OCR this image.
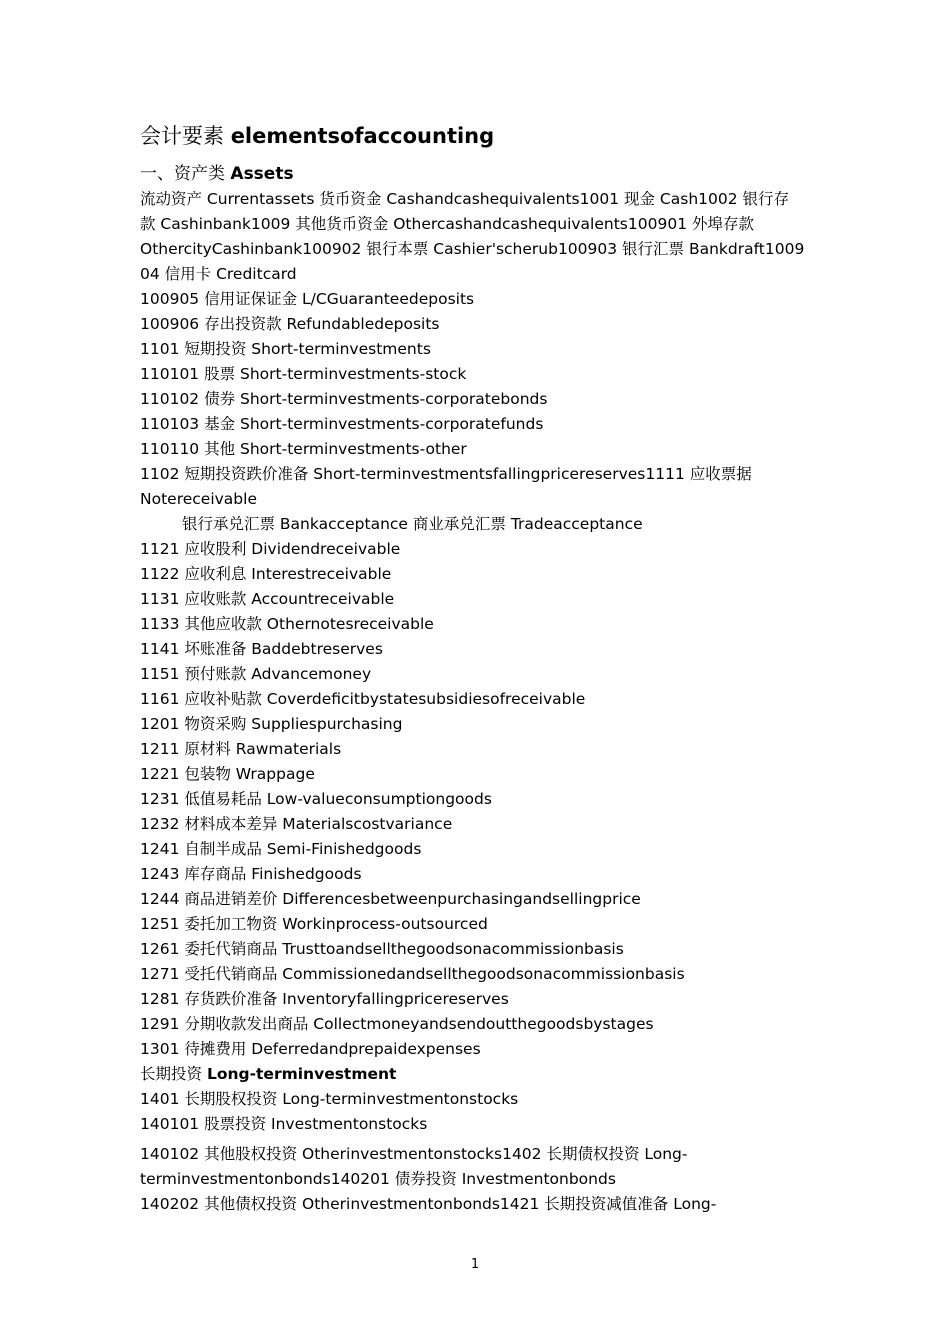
会计要素 elementsofaccounting
一、资产类 Assets
流动资产 Currentassets 货币资金 Cashandcashequivalents1001 现金 Cash1002 银行存
款 Cashinbank1009 其他货币资金 Othercashandcashequivalents100901 外埠存款
OthercityCashinbank100902 银行本票 Cashier'scherub100903 银行汇票 Bankdraft1009
04 信用卡 Creditcard
100905 信用证保证金 L/CGuaranteedeposits
100906 存出投资款 Refundabledeposits
1101 短期投资 Short-terminvestments
110101 股票 Short-terminvestments-stock
110102 债券 Short-terminvestments-corporatebonds
110103 基金 Short-terminvestments-corporatefunds
110110 其他 Short-terminvestments-other
1102 短期投资跌价准备 Short-terminvestmentsfallingpricereserves1111 应收票据
Notereceivable
银行承兑汇票 Bankacceptance 商业承兑汇票 Tradeacceptance
1121 应收股利 Dividendreceivable
1122 应收利息 Interestreceivable
1131 应收账款 Accountreceivable
1133 其他应收款 Othernotesreceivable
1141 坏账准备 Baddebtreserves
1151 预付账款 Advancemoney
1161 应收补贴款 Coverdeficitbystatesubsidiesofreceivable
1201 物资采购 Suppliespurchasing
1211 原材料 Rawmaterials
1221 包装物 Wrappage
1231 低值易耗品 Low-valueconsumptiongoods
1232 材料成本差异 Materialscostvariance
1241 自制半成品 Semi-Finishedgoods
1243 库存商品 Finishedgoods
1244 商品进销差价 Differencesbetweenpurchasingandsellingprice
1251 委托加工物资 Workinprocess-outsourced
1261 委托代销商品 Trusttoandsellthegoodsonacommissionbasis
1271 受托代销商品 Commissionedandsellthegoodsonacommissionbasis
1281 存货跌价准备 Inventoryfallingpricereserves
1291 分期收款发出商品 Collectmoneyandsendoutthegoodsbystages
1301 待摊费用 Deferredandprepaidexpenses
长期投资 Long-terminvestment
1401 长期股权投资 Long-terminvestmentonstocks
140101 股票投资 Investmentonstocks
140102 其他股权投资 Otherinvestmentonstocks1402 长期债权投资 Long-
terminvestmentonbonds140201 债券投资 Investmentonbonds
140202 其他债权投资 Otherinvestmentonbonds1421 长期投资减值准备 Long-
1
